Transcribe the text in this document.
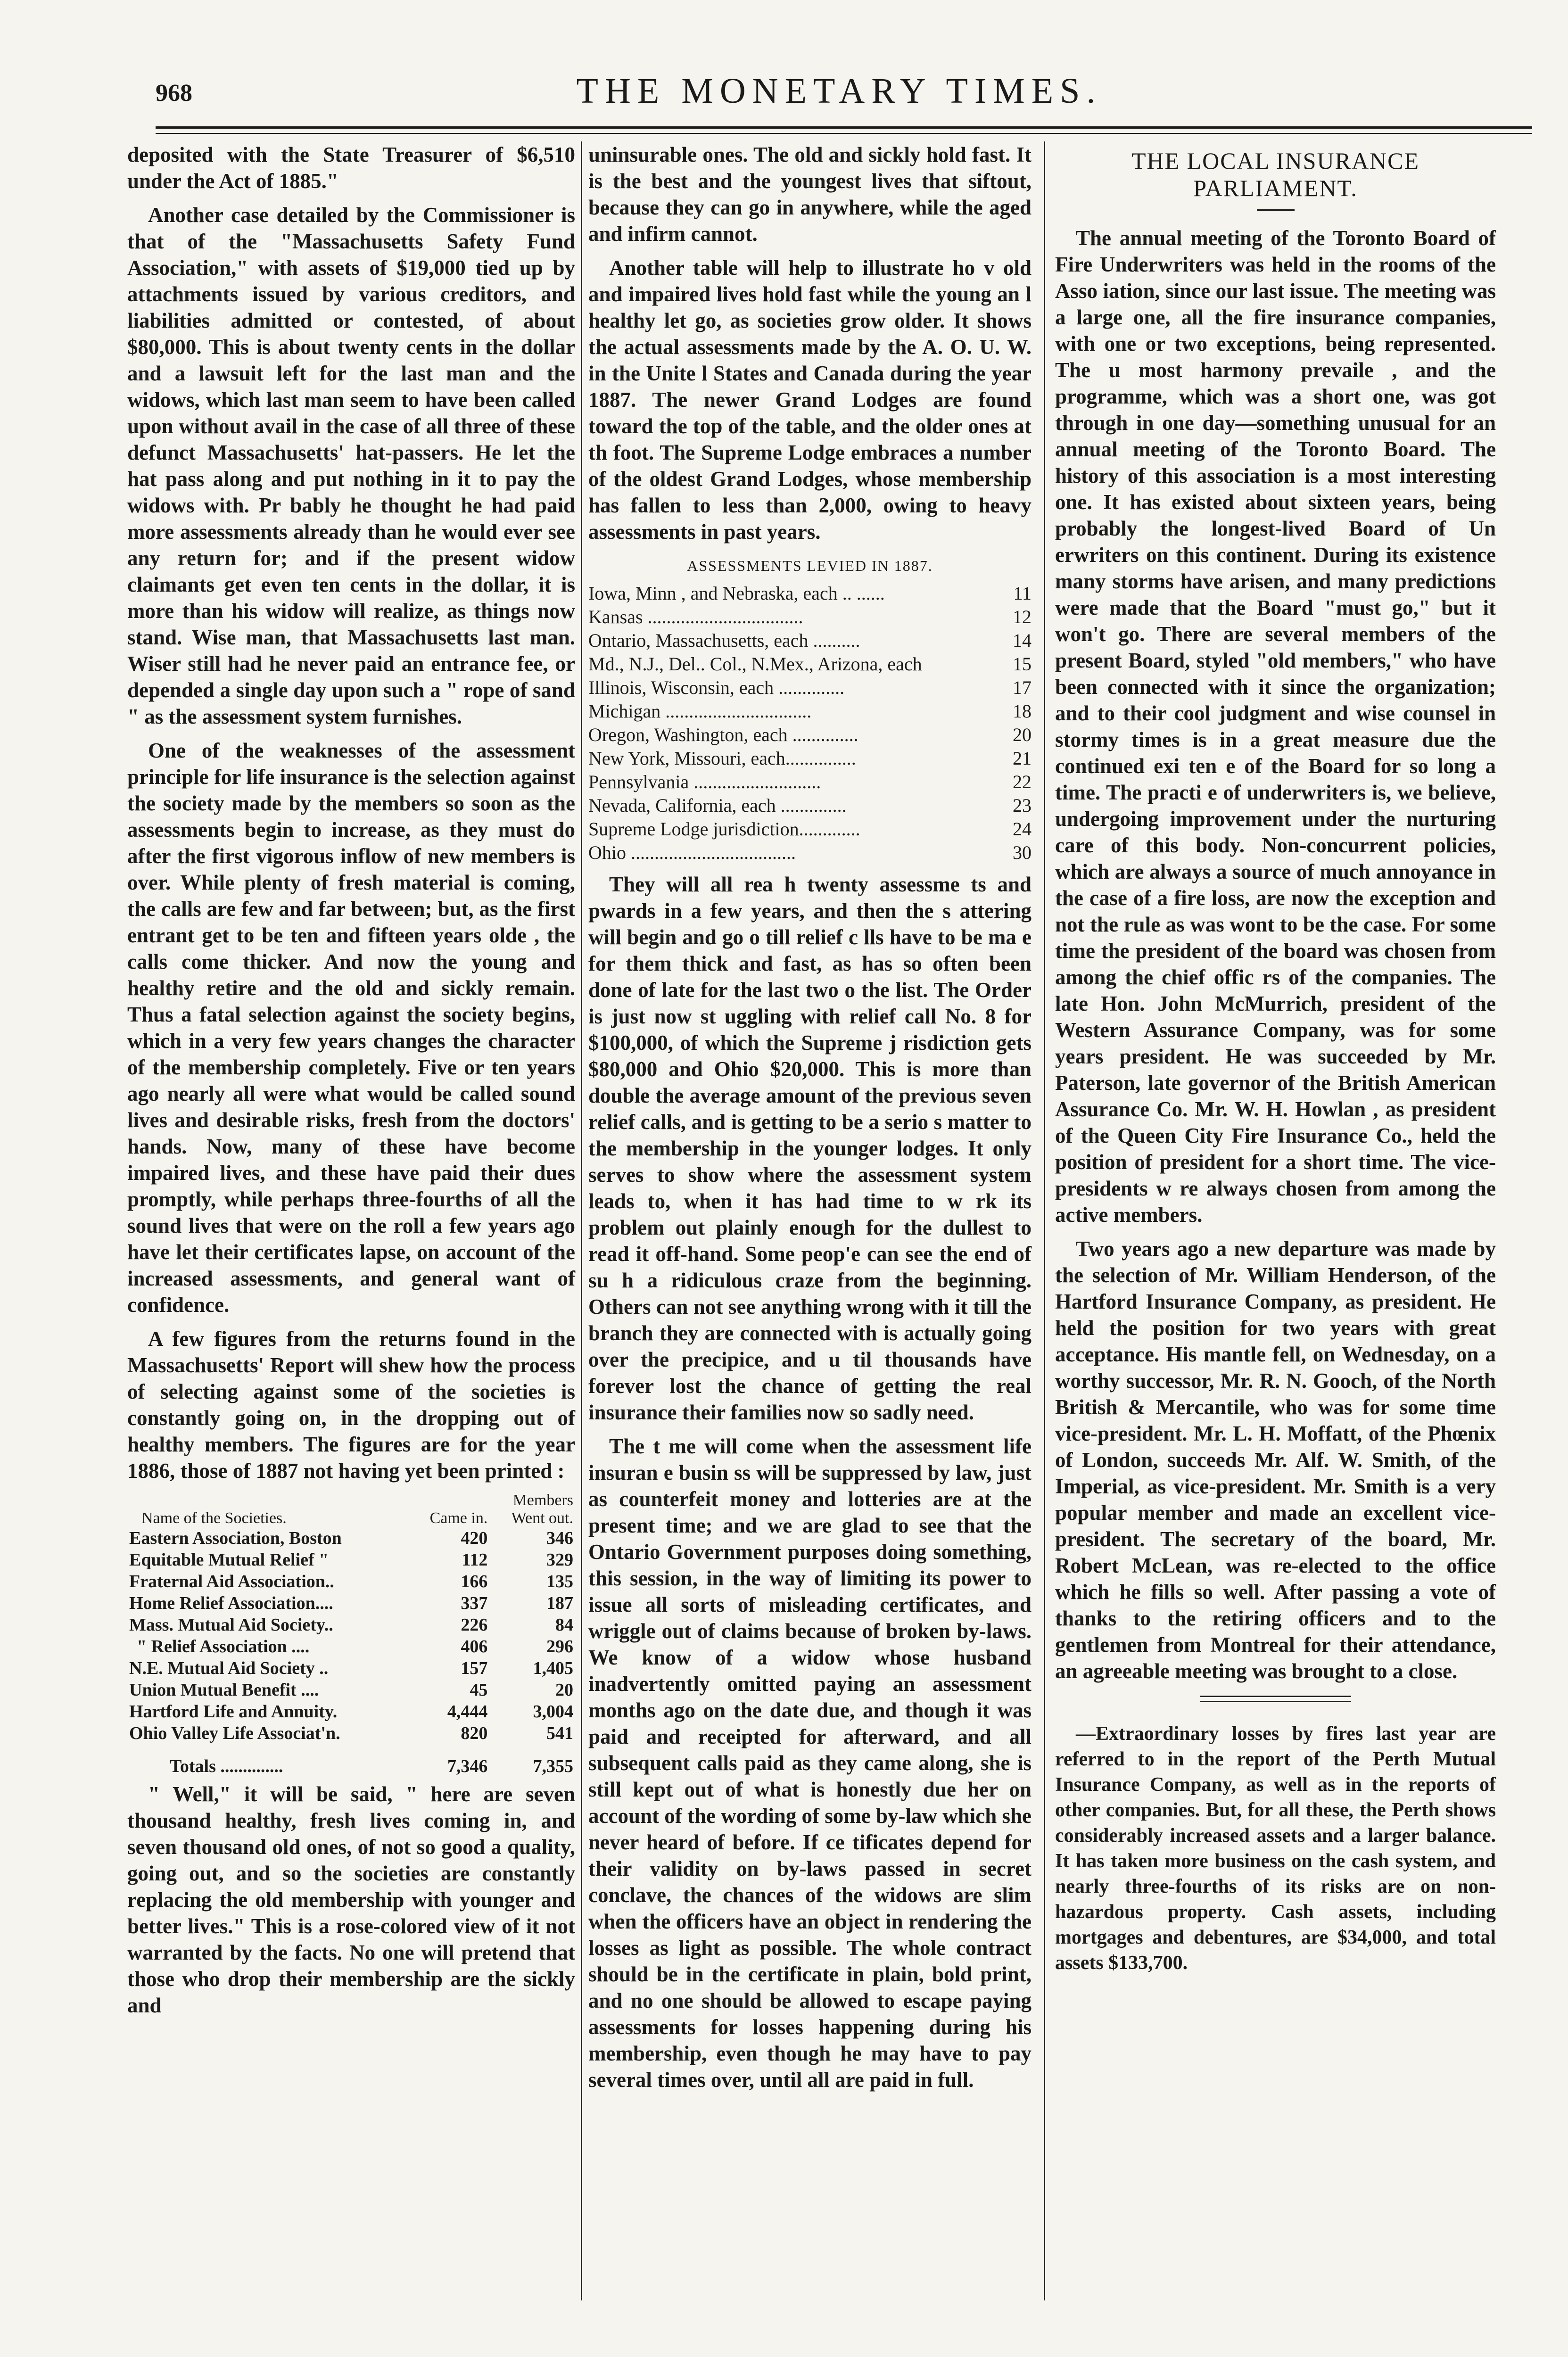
968	THE MONETARY TIMES.

deposited with the State Treasurer of $6,510 under the Act of 1885."

Another case detailed by the Commissioner is that of the "Massachusetts Safety Fund Association," with assets of $19,000 tied up by attachments issued by various creditors, and liabilities admitted or contested, of about $80,000. This is about twenty cents in the dollar and a lawsuit left for the last man and the widows, which last man seem to have been called upon without avail in the case of all three of these defunct Massachusetts' hat-passers. He let the hat pass along and put nothing in it to pay the widows with. Pr bably he thought he had paid more assessments already than he would ever see any return for; and if the present widow claimants get even ten cents in the dollar, it is more than his widow will realize, as things now stand. Wise man, that Massachusetts last man. Wiser still had he never paid an entrance fee, or depended a single day upon such a " rope of sand " as the assessment system furnishes.

One of the weaknesses of the assessment principle for life insurance is the selection against the society made by the members so soon as the assessments begin to increase, as they must do after the first vigorous inflow of new members is over. While plenty of fresh material is coming, the calls are few and far between; but, as the first entrant get to be ten and fifteen years olde , the calls come thicker. And now the young and healthy retire and the old and sickly remain. Thus a fatal selection against the society begins, which in a very few years changes the character of the membership completely. Five or ten years ago nearly all were what would be called sound lives and desirable risks, fresh from the doctors' hands. Now, many of these have become impaired lives, and these have paid their dues promptly, while perhaps three-fourths of all the sound lives that were on the roll a few years ago have let their certificates lapse, on account of the increased assessments, and general want of confidence.

A few figures from the returns found in the Massachusetts' Report will shew how the process of selecting against some of the societies is constantly going on, in the dropping out of healthy members. The figures are for the year 1886, those of 1887 not having yet been printed :

	Members	
Name of the Societies.	Came in.	Went out.
Eastern Association, Boston	420	346
Equitable Mutual Relief "	112	329
Fraternal Aid Association..	166	135
Home Relief Association....	337	187
Mass. Mutual Aid Society..	226	84
" Relief Association ....	406	296
N.E. Mutual Aid Society ..	157	1,405
Union Mutual Benefit ....	45	20
Hartford Life and Annuity.	4,444	3,004
Ohio Valley Life Associat'n.	820	541
Totals ..............	7,346	7,355

" Well," it will be said, " here are seven thousand healthy, fresh lives coming in, and seven thousand old ones, of not so good a quality, going out, and so the societies are constantly replacing the old membership with younger and better lives." This is a rose-colored view of it not warranted by the facts. No one will pretend that those who drop their membership are the sickly and

uninsurable ones. The old and sickly hold fast. It is the best and the youngest lives that siftout, because they can go in anywhere, while the aged and infirm cannot.

Another table will help to illustrate ho v old and impaired lives hold fast while the young an l healthy let go, as societies grow older. It shows the actual assessments made by the A. O. U. W. in the Unite l States and Canada during the year 1887. The newer Grand Lodges are found toward the top of the table, and the older ones at th foot. The Supreme Lodge embraces a number of the oldest Grand Lodges, whose membership has fallen to less than 2,000, owing to heavy assessments in past years.

ASSESSMENTS LEVIED IN 1887.
Iowa, Minn , and Nebraska, each .. ......	11
Kansas .................................	12
Ontario, Massachusetts, each ..........	14
Md., N.J., Del.. Col., N.Mex., Arizona, each	15
Illinois, Wisconsin, each ..............	17
Michigan ...............................	18
Oregon, Washington, each ..............	20
New York, Missouri, each...............	21
Pennsylvania ...........................	22
Nevada, California, each ..............	23
Supreme Lodge jurisdiction.............	24
Ohio ...................................	30

They will all rea h twenty assessme ts and pwards in a few years, and then the s attering will begin and go o till relief c lls have to be ma e for them thick and fast, as has so often been done of late for the last two o the list. The Order is just now st uggling with relief call No. 8 for $100,000, of which the Supreme j risdiction gets $80,000 and Ohio $20,000. This is more than double the average amount of the previous seven relief calls, and is getting to be a serio s matter to the membership in the younger lodges. It only serves to show where the assessment system leads to, when it has had time to w rk its problem out plainly enough for the dullest to read it off-hand. Some peop'e can see the end of su h a ridiculous craze from the beginning. Others can not see anything wrong with it till the branch they are connected with is actually going over the precipice, and u til thousands have forever lost the chance of getting the real insurance their families now so sadly need.

The t me will come when the assessment life insuran e busin ss will be suppressed by law, just as counterfeit money and lotteries are at the present time; and we are glad to see that the Ontario Government purposes doing something, this session, in the way of limiting its power to issue all sorts of misleading certificates, and wriggle out of claims because of broken by-laws. We know of a widow whose husband inadvertently omitted paying an assessment months ago on the date due, and though it was paid and receipted for afterward, and all subsequent calls paid as they came along, she is still kept out of what is honestly due her on account of the wording of some by-law which she never heard of before. If ce tificates depend for their validity on by-laws passed in secret conclave, the chances of the widows are slim when the officers have an object in rendering the losses as light as possible. The whole contract should be in the certificate in plain, bold print, and no one should be allowed to escape paying assessments for losses happening during his membership, even though he may have to pay several times over, until all are paid in full.

THE LOCAL INSURANCE PARLIAMENT.

The annual meeting of the Toronto Board of Fire Underwriters was held in the rooms of the Asso iation, since our last issue. The meeting was a large one, all the fire insurance companies, with one or two exceptions, being represented. The u most harmony prevaile , and the programme, which was a short one, was got through in one day—something unusual for an annual meeting of the Toronto Board. The history of this association is a most interesting one. It has existed about sixteen years, being probably the longest-lived Board of Un erwriters on this continent. During its existence many storms have arisen, and many predictions were made that the Board "must go," but it won't go. There are several members of the present Board, styled "old members," who have been connected with it since the organization; and to their cool judgment and wise counsel in stormy times is in a great measure due the continued exi ten e of the Board for so long a time. The practi e of underwriters is, we believe, undergoing improvement under the nurturing care of this body. Non-concurrent policies, which are always a source of much annoyance in the case of a fire loss, are now the exception and not the rule as was wont to be the case. For some time the president of the board was chosen from among the chief offic rs of the companies. The late Hon. John McMurrich, president of the Western Assurance Company, was for some years president. He was succeeded by Mr. Paterson, late governor of the British American Assurance Co. Mr. W. H. Howlan , as president of the Queen City Fire Insurance Co., held the position of president for a short time. The vice-presidents w re always chosen from among the active members.

Two years ago a new departure was made by the selection of Mr. William Henderson, of the Hartford Insurance Company, as president. He held the position for two years with great acceptance. His mantle fell, on Wednesday, on a worthy successor, Mr. R. N. Gooch, of the North British & Mercantile, who was for some time vice-president. Mr. L. H. Moffatt, of the Phœnix of London, succeeds Mr. Alf. W. Smith, of the Imperial, as vice-president. Mr. Smith is a very popular member and made an excellent vice-president. The secretary of the board, Mr. Robert McLean, was re-elected to the office which he fills so well. After passing a vote of thanks to the retiring officers and to the gentlemen from Montreal for their attendance, an agreeable meeting was brought to a close.

—Extraordinary losses by fires last year are referred to in the report of the Perth Mutual Insurance Company, as well as in the reports of other companies. But, for all these, the Perth shows considerably increased assets and a larger balance. It has taken more business on the cash system, and nearly three-fourths of its risks are on non-hazardous property. Cash assets, including mortgages and debentures, are $34,000, and total assets $133,700.
